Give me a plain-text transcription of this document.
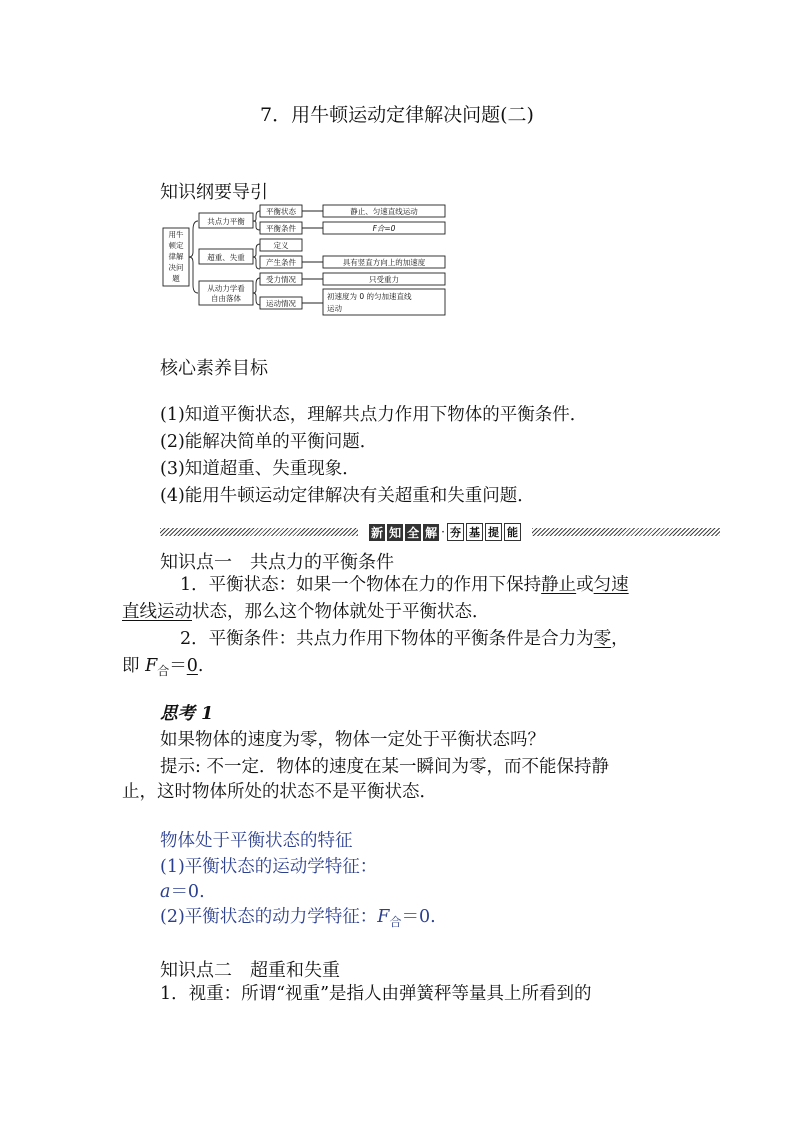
7．用牛顿运动定律解决问题(二)
知识纲要导引
用牛
顿定
律解
决问
题
共点力平衡
超重、失重
从动力学看
自由落体
平衡状态
平衡条件
定义
产生条件
受力情况
运动情况
静止、匀速直线运动
F合=0
具有竖直方向上的加速度
只受重力
初速度为 0 的匀加速直线
运动
核心素养目标
(1)知道平衡状态，理解共点力作用下物体的平衡条件．
(2)能解决简单的平衡问题．
(3)知道超重、失重现象．
(4)能用牛顿运动定律解决有关超重和失重问题．
新 知 全 解 · 夯 基 提 能
知识点一　共点力的平衡条件
1．平衡状态：如果一个物体在力的作用下保持静止或匀速
直线运动状态，那么这个物体就处于平衡状态．
2．平衡条件：共点力作用下物体的平衡条件是合力为零，
即 $F_合=0$.
思考 1
如果物体的速度为零，物体一定处于平衡状态吗？
提示: 不一定．物体的速度在某一瞬间为零，而不能保持静
止，这时物体所处的状态不是平衡状态．
物体处于平衡状态的特征
(1)平衡状态的运动学特征：
a＝0.
(2)平衡状态的动力学特征：$F_合=0$.
知识点二　超重和失重
1．视重：所谓“视重”是指人由弹簧秤等量具上所看到的
